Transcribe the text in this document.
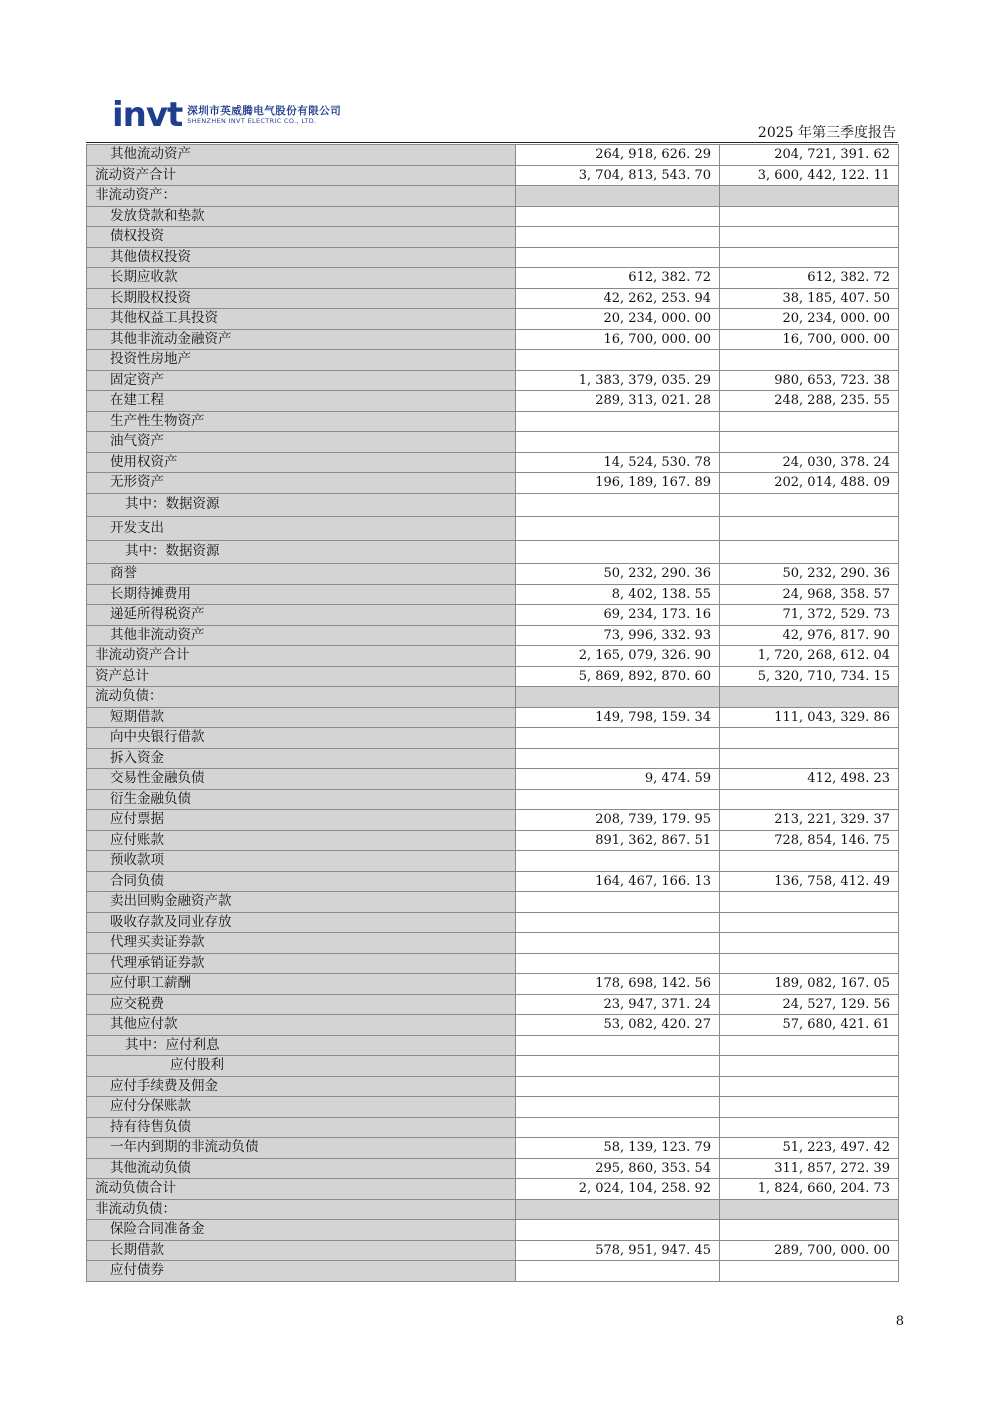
invt 深圳市英威腾电气股份有限公司
SHENZHEN INVT ELECTRIC CO., LTD.
2025 年第三季度报告
其他流动资产	264, 918, 626. 29	204, 721, 391. 62
流动资产合计	3, 704, 813, 543. 70	3, 600, 442, 122. 11
非流动资产：		
发放贷款和垫款		
债权投资		
其他债权投资		
长期应收款	612, 382. 72	612, 382. 72
长期股权投资	42, 262, 253. 94	38, 185, 407. 50
其他权益工具投资	20, 234, 000. 00	20, 234, 000. 00
其他非流动金融资产	16, 700, 000. 00	16, 700, 000. 00
投资性房地产		
固定资产	1, 383, 379, 035. 29	980, 653, 723. 38
在建工程	289, 313, 021. 28	248, 288, 235. 55
生产性生物资产		
油气资产		
使用权资产	14, 524, 530. 78	24, 030, 378. 24
无形资产	196, 189, 167. 89	202, 014, 488. 09
其中：数据资源		
开发支出		
其中：数据资源		
商誉	50, 232, 290. 36	50, 232, 290. 36
长期待摊费用	8, 402, 138. 55	24, 968, 358. 57
递延所得税资产	69, 234, 173. 16	71, 372, 529. 73
其他非流动资产	73, 996, 332. 93	42, 976, 817. 90
非流动资产合计	2, 165, 079, 326. 90	1, 720, 268, 612. 04
资产总计	5, 869, 892, 870. 60	5, 320, 710, 734. 15
流动负债：		
短期借款	149, 798, 159. 34	111, 043, 329. 86
向中央银行借款		
拆入资金		
交易性金融负债	9, 474. 59	412, 498. 23
衍生金融负债		
应付票据	208, 739, 179. 95	213, 221, 329. 37
应付账款	891, 362, 867. 51	728, 854, 146. 75
预收款项		
合同负债	164, 467, 166. 13	136, 758, 412. 49
卖出回购金融资产款		
吸收存款及同业存放		
代理买卖证券款		
代理承销证券款		
应付职工薪酬	178, 698, 142. 56	189, 082, 167. 05
应交税费	23, 947, 371. 24	24, 527, 129. 56
其他应付款	53, 082, 420. 27	57, 680, 421. 61
其中：应付利息		
应付股利		
应付手续费及佣金		
应付分保账款		
持有待售负债		
一年内到期的非流动负债	58, 139, 123. 79	51, 223, 497. 42
其他流动负债	295, 860, 353. 54	311, 857, 272. 39
流动负债合计	2, 024, 104, 258. 92	1, 824, 660, 204. 73
非流动负债：		
保险合同准备金		
长期借款	578, 951, 947. 45	289, 700, 000. 00
应付债券		
8
